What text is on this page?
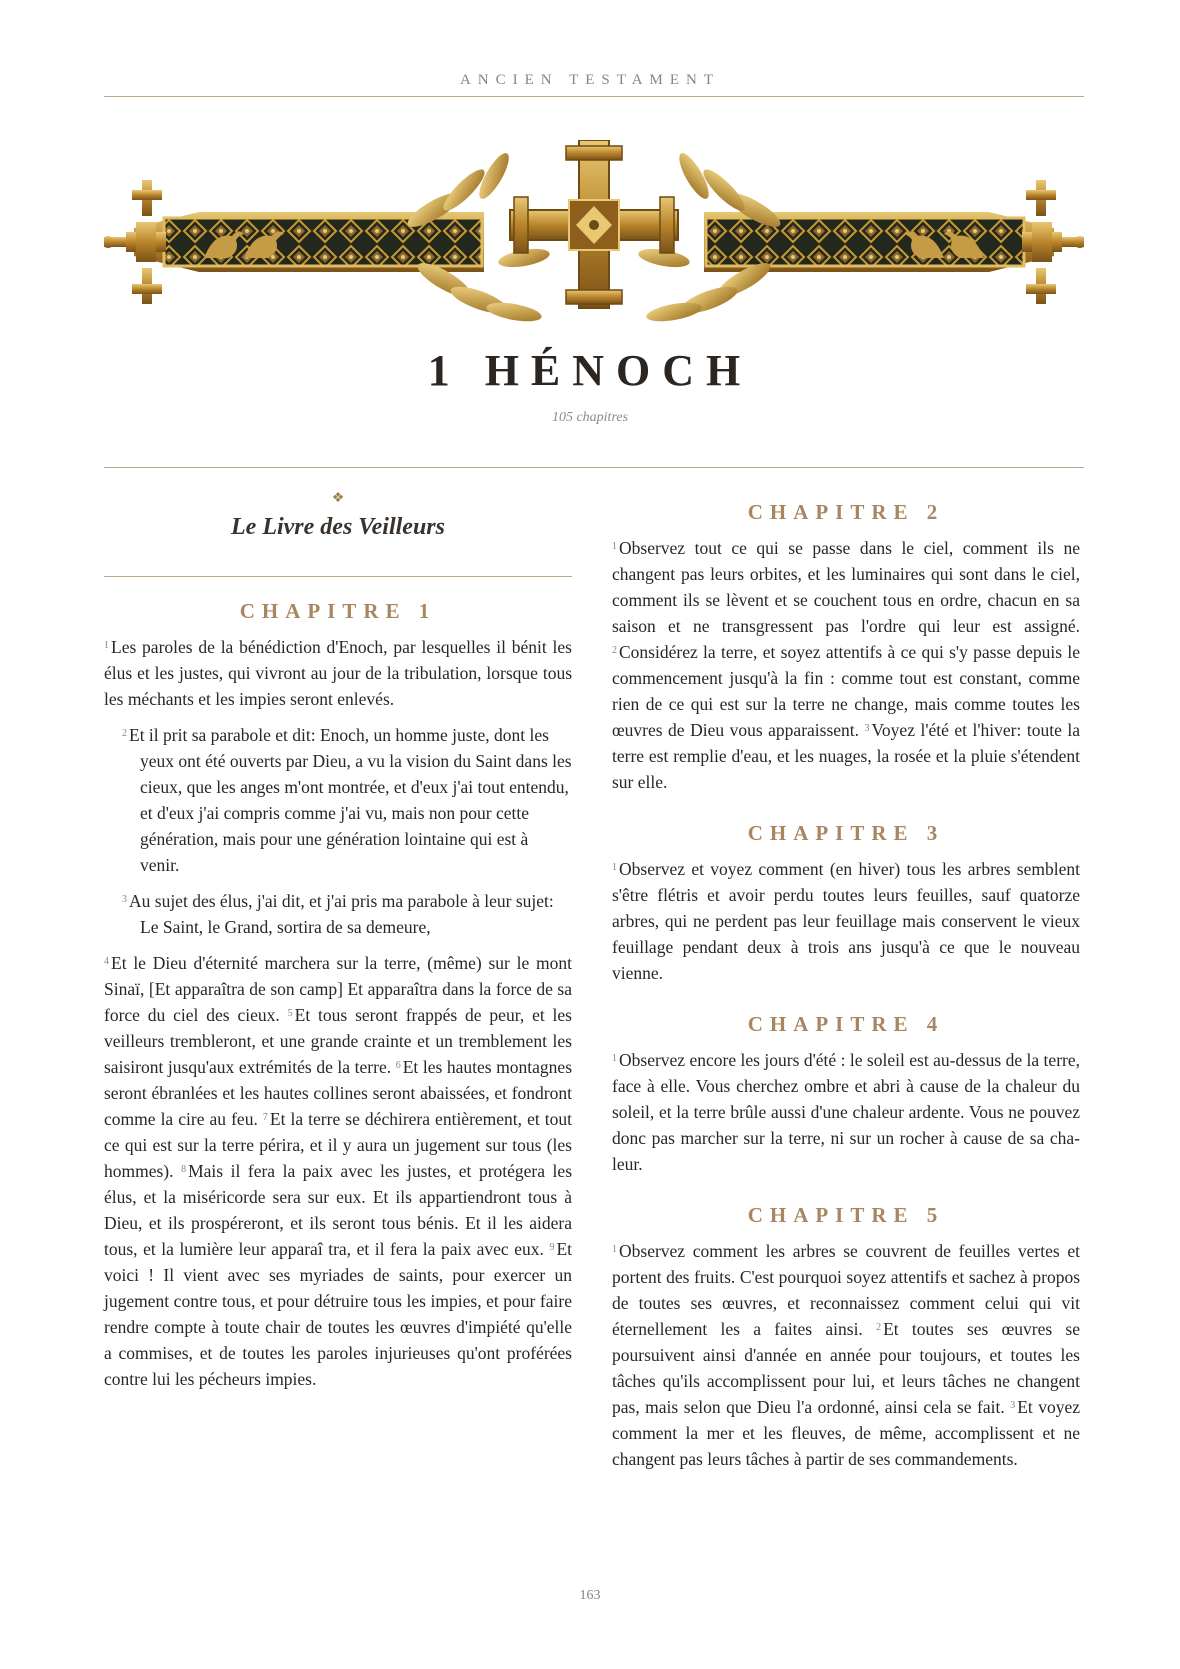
ANCIEN TESTAMENT
1 HÉNOCH
105 chapitres
❖
Le Livre des Veilleurs
CHAPITRE 1

$^1$ Les paroles de la bénédiction d'Enoch, par lesquelles il bénit les élus et les justes, qui vivront au jour de la tribulation, lorsque tous les méchants et les impies seront enlevés.

$^2$ Et il prit sa parabole et dit: Enoch, un homme juste, dont les yeux ont été ouverts par Dieu, a vu la vision du Saint dans les cieux, que les anges m'ont montrée, et d'eux j'ai tout entendu, et d'eux j'ai compris comme j'ai vu, mais non pour cette génération, mais pour une génération lointaine qui est à venir.

$^3$ Au sujet des élus, j'ai dit, et j'ai pris ma parabole à leur sujet: Le Saint, le Grand, sortira de sa demeure,

$^4$ Et le Dieu d'éternité marchera sur la terre, (même) sur le mont Sinaï, [Et apparaîtra de son camp] Et apparaîtra dans la force de sa force du ciel des cieux. $^5$ Et tous seront frappés de peur, et les veilleurs trembleront, et une grande crainte et un tremblement les saisiront jusqu'aux extrémités de la terre. $^6$ Et les hautes montagnes seront ébranlées et les hautes collines seront abaissées, et fondront comme la cire au feu. $^7$ Et la terre se déchirera entièrement, et tout ce qui est sur la terre périra, et il y aura un jugement sur tous (les hommes). $^8$ Mais il fera la paix avec les justes, et protégera les élus, et la miséricorde sera sur eux. Et ils appartiendront tous à Dieu, et ils prospéreront, et ils seront tous bénis. Et il les aidera tous, et la lumière leur apparaî tra, et il fera la paix avec eux. $^9$ Et voici ! Il vient avec ses myriades de saints, pour exercer un jugement contre tous, et pour détruire tous les impies, et pour faire rendre compte à toute chair de toutes les œuvres d'impiété qu'elle a commises, et de toutes les paroles injurieuses qu'ont proférées contre lui les pécheurs impies.

CHAPITRE 2

$^1$ Observez tout ce qui se passe dans le ciel, comment ils ne changent pas leurs orbites, et les luminaires qui sont dans le ciel, comment ils se lèvent et se couchent tous en ordre, chacun en sa saison et ne transgressent pas l'ordre qui leur est assigné. $^2$ Considérez la terre, et soyez attentifs à ce qui s'y passe depuis le commencement jusqu'à la fin : comme tout est constant, comme rien de ce qui est sur la terre ne change, mais comme toutes les œuvres de Dieu vous apparaissent. $^3$ Voyez l'été et l'hiver: toute la terre est remplie d'eau, et les nuages, la rosée et la pluie s'étendent sur elle.

CHAPITRE 3

$^1$ Observez et voyez comment (en hiver) tous les arbres semblent s'être flétris et avoir perdu toutes leurs feuilles, sauf quatorze arbres, qui ne perdent pas leur feuillage mais conservent le vieux feuillage pendant deux à trois ans jusqu'à ce que le nouveau vienne.

CHAPITRE 4

$^1$ Observez encore les jours d'été : le soleil est au-dessus de la terre, face à elle. Vous cherchez ombre et abri à cause de la chaleur du soleil, et la terre brûle aussi d'une chaleur ardente. Vous ne pouvez donc pas marcher sur la terre, ni sur un rocher à cause de sa cha-leur.

CHAPITRE 5

$^1$ Observez comment les arbres se couvrent de feuilles vertes et portent des fruits. C'est pourquoi soyez attentifs et sachez à propos de toutes ses œuvres, et reconnaissez comment celui qui vit éternellement les a faites ainsi. $^2$ Et toutes ses œuvres se poursuivent ainsi d'année en année pour toujours, et toutes les tâches qu'ils accomplissent pour lui, et leurs tâches ne changent pas, mais selon que Dieu l'a ordonné, ainsi cela se fait. $^3$ Et voyez comment la mer et les fleuves, de même, accomplissent et ne changent pas leurs tâches à partir de ses commandements.

163
